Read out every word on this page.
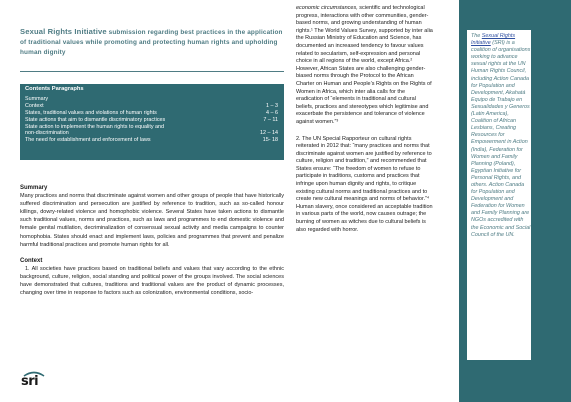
Sexual Rights Initiative submission regarding best practices in the application of traditional values while promoting and protecting human rights and upholding human dignity
Contents Paragraphs
Summary
Context	1 – 3
States, traditional values and violations of human rights	4 – 6
State actions that aim to dismantle discriminatory practices	7 – 11
State action to implement the human rights to equality and
non-discrimination	12 – 14
The need for establishment and enforcement of laws	15- 18
Summary

Many practices and norms that discriminate against women and other groups of people that have historically suffered discrimination and persecution are justified by reference to tradition, such as so-called honour killings, dowry-related violence and homophobic violence. Several States have taken actions to dismantle such traditional values, norms and practices, such as laws and programmes to end domestic violence and female genital mutilation, decriminalization of consensual sexual activity and media campaigns to counter homophobia. States should enact and implement laws, policies and programmes that prevent and penalize harmful traditional practices and promote human rights for all.

Context

1. All societies have practices based on traditional beliefs and values that vary according to the ethnic background, culture, religion, social standing and political power of the groups involved. The social sciences have demonstrated that cultures, traditions and traditional values are the product of dynamic processes, changing over time in response to factors such as colonization, environmental conditions, socio-

economic circumstances, scientific and technological progress, interactions with other communities, gender-based norms, and growing understanding of human rights.¹ The World Values Survey, supported by inter alia the Russian Ministry of Education and Science, has documented an increased tendency to favour values related to secularism, self-expression and personal choice in all regions of the world, except Africa.² However, African States are also challenging gender-biased norms through the Protocol to the African Charter on Human and People’s Rights on the Rights of Women in Africa, which inter alia calls for the eradication of “elements in traditional and cultural beliefs, practices and stereotypes which legitimise and exacerbate the persistence and tolerance of violence against women.”³

2. The UN Special Rapporteur on cultural rights reiterated in 2012 that: “many practices and norms that discriminate against women are justified by reference to culture, religion and tradition,” and recommended that States ensure: “The freedom of women to refuse to participate in traditions, customs and practices that infringe upon human dignity and rights, to critique existing cultural norms and traditional practices and to create new cultural meanings and norms of behavior.”⁴ Human slavery, once considered an acceptable tradition in various parts of the world, now causes outrage; the burning of women as witches due to cultural beliefs is also regarded with horror.

The Sexual Rights Initiative (SRI) is a coalition of organisations working to advance sexual rights at the UN Human Rights Council, including Action Canada for Population and Development, Akahatá Equipo de Trabajo en Sexualidades y Generos (Latin America), Coalition of African Lesbians, Creating Resources for Empowerment in Action (India), Federation for Women and Family Planning (Poland), Egyptian Initiative for Personal Rights, and others. Action Canada for Population and Development and Federation for Women and Family Planning are NGOs accredited with the Economic and Social Council of the UN.
sri
